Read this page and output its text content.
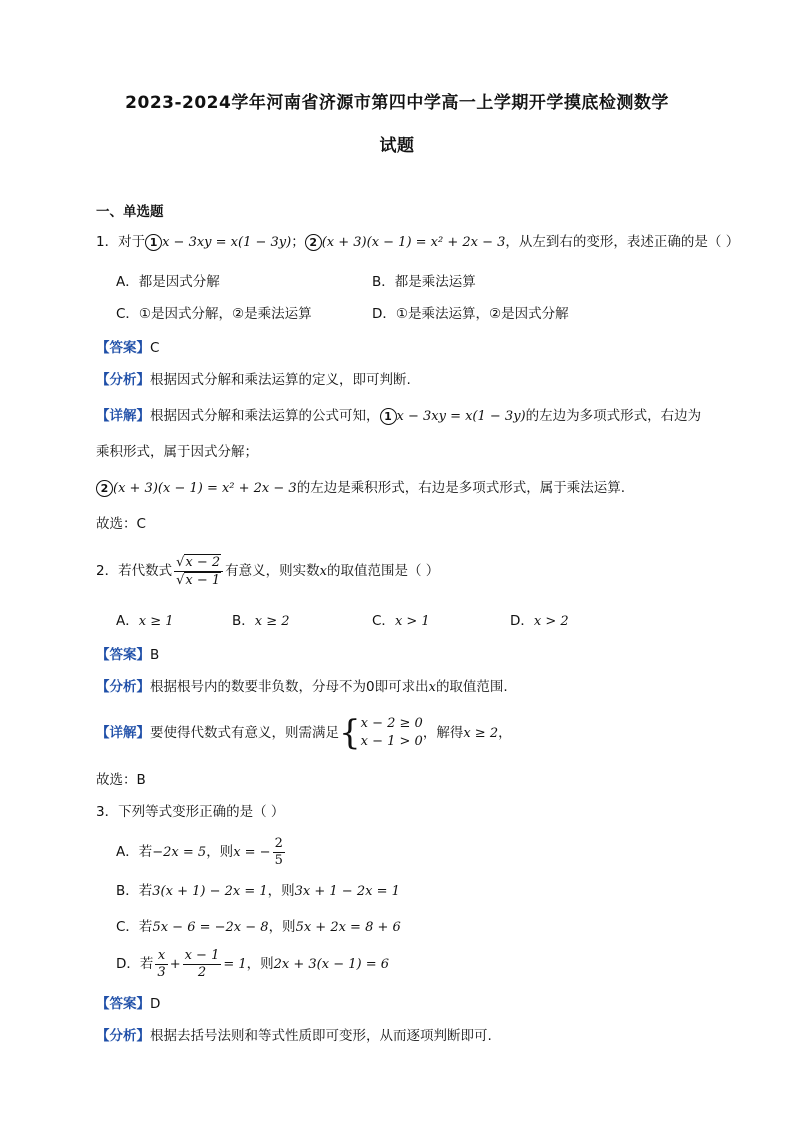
2023-2024学年河南省济源市第四中学高一上学期开学摸底检测数学
试题
一、单选题
1．对于 1 x − 3xy = x(1 − 3y)； 2 (x + 3)(x − 1) = x² + 2x − 3，从左到右的变形，表述正确的是（ ）
A．都是因式分解	B．都是乘法运算
C．①是因式分解，②是乘法运算	D．①是乘法运算，②是因式分解
【答案】C
【分析】根据因式分解和乘法运算的定义，即可判断.
【详解】根据因式分解和乘法运算的公式可知， 1 x − 3xy = x(1 − 3y)的左边为多项式形式，右边为
乘积形式，属于因式分解；
2 (x + 3)(x − 1) = x² + 2x − 3的左边是乘积形式，右边是多项式形式，属于乘法运算.
故选：C
2．若代数式 $\frac{√x - 2}{√x - 1}$ 有意义，则实数x的取值范围是（ ）
A．x ≥ 1	B．x ≥ 2	C．x > 1	D．x > 2
【答案】B
【分析】根据根号内的数要非负数，分母不为0即可求出x的取值范围.
【详解】要使得代数式有意义，则需满足{ x − 2 ≥ 0
x − 1 > 0
，解得x ≥ 2，
故选：B
3．下列等式变形正确的是（ ）
A．若−2x = 5，则x = − $\frac{2}{5}$
B．若3(x + 1) − 2x = 1，则3x + 1 − 2x = 1
C．若5x − 6 = −2x − 8，则5x + 2x = 8 + 6
D．若 $\frac{x}{3} + \frac{x - 1}{2} = 1$，则2x + 3(x − 1) = 6
【答案】D
【分析】根据去括号法则和等式性质即可变形，从而逐项判断即可.
